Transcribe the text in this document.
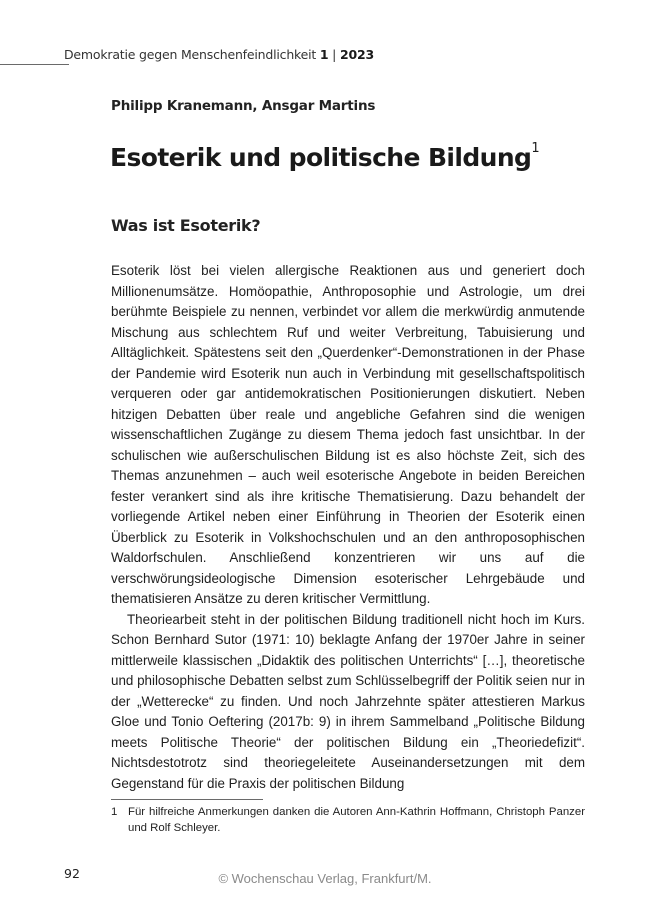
Demokratie gegen Menschenfeindlichkeit 1 | 2023
Philipp Kranemann, Ansgar Martins
Esoterik und politische Bildung$^1$
Was ist Esoterik?

Esoterik löst bei vielen allergische Reaktionen aus und generiert doch Millionenumsätze. Homöopathie, Anthroposophie und Astrologie, um drei berühmte Beispiele zu nennen, verbindet vor allem die merkwürdig anmutende Mischung aus schlechtem Ruf und weiter Verbreitung, Tabuisierung und Alltäglichkeit. Spätestens seit den „Querdenker“-Demonstrationen in der Phase der Pandemie wird Esoterik nun auch in Verbindung mit gesellschaftspolitisch verqueren oder gar antidemokratischen Positionierungen diskutiert. Neben hitzigen Debatten über reale und angebliche Gefahren sind die wenigen wissenschaftlichen Zugänge zu diesem Thema jedoch fast unsichtbar. In der schulischen wie außerschulischen Bildung ist es also höchste Zeit, sich des Themas anzunehmen – auch weil esoterische Angebote in beiden Bereichen fester verankert sind als ihre kritische Thematisierung. Dazu behandelt der vorliegende Artikel neben einer Einführung in Theorien der Esoterik einen Überblick zu Esoterik in Volkshochschulen und an den anthroposophischen Waldorfschulen. Anschließend konzentrieren wir uns auf die verschwörungsideologische Dimension esoterischer Lehrgebäude und thematisieren Ansätze zu deren kritischer Vermittlung.

Theoriearbeit steht in der politischen Bildung traditionell nicht hoch im Kurs. Schon Bernhard Sutor (1971: 10) beklagte Anfang der 1970er Jahre in seiner mittlerweile klassischen „Didaktik des politischen Unterrichts“ […], theoretische und philosophische Debatten selbst zum Schlüsselbegriff der Politik seien nur in der „Wetterecke“ zu finden. Und noch Jahrzehnte später attestieren Markus Gloe und Tonio Oeftering (2017b: 9) in ihrem Sammelband „Politische Bildung meets Politische Theorie“ der politischen Bildung ein „Theoriedefizit“. Nichtsdestotrotz sind theoriegeleitete Auseinandersetzungen mit dem Gegenstand für die Praxis der politischen Bildung

1 Für hilfreiche Anmerkungen danken die Autoren Ann-Kathrin Hoffmann, Christoph Panzer und Rolf Schleyer.
92	© Wochenschau Verlag, Frankfurt/M.
